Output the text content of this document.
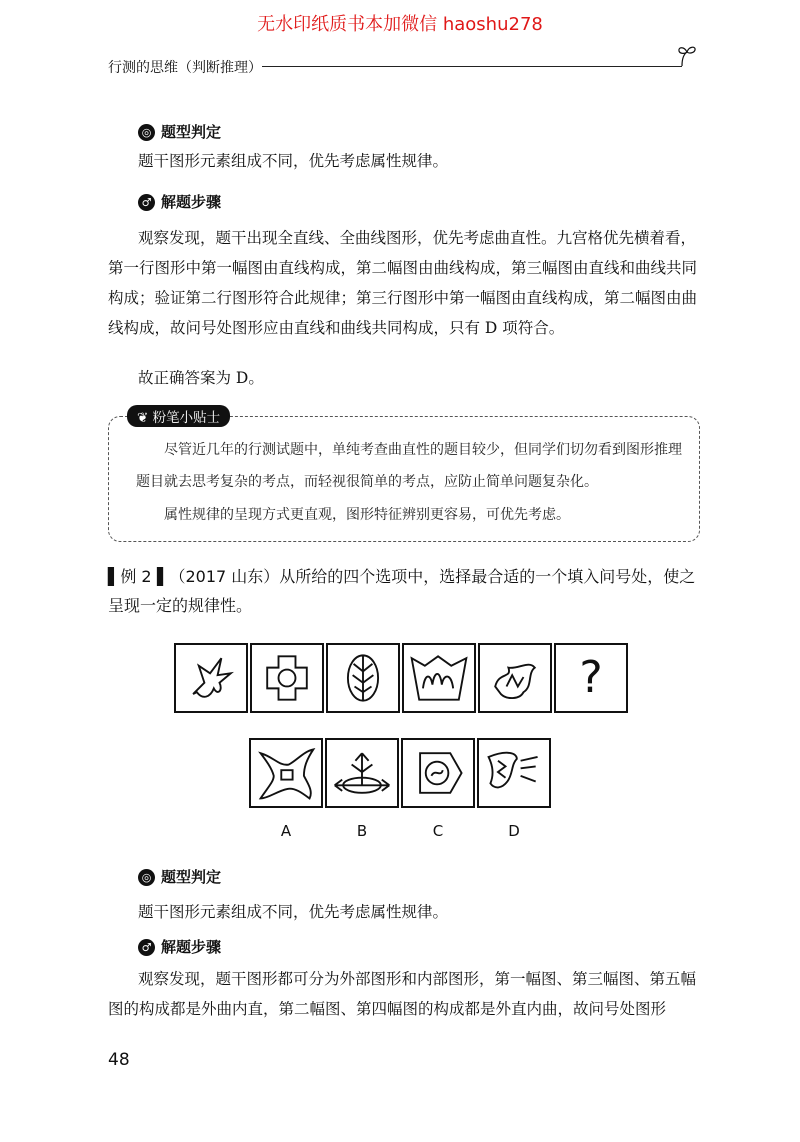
无水印纸质书本加微信 haoshu278
行测的思维（判断推理）
◎ 题型判定
题干图形元素组成不同，优先考虑属性规律。
♂ 解题步骤
观察发现，题干出现全直线、全曲线图形，优先考虑曲直性。九宫格优先横着看，第一行图形中第一幅图由直线构成，第二幅图由曲线构成，第三幅图由直线和曲线共同构成；验证第二行图形符合此规律；第三行图形中第一幅图由直线构成，第二幅图由曲线构成，故问号处图形应由直线和曲线共同构成，只有 D 项符合。
故正确答案为 D。
❦ 粉笔小贴士
尽管近几年的行测试题中，单纯考查曲直性的题目较少，但同学们切勿看到图形推理题目就去思考复杂的考点，而轻视很简单的考点，应防止简单问题复杂化。
属性规律的呈现方式更直观，图形特征辨别更容易，可优先考虑。
▌例 2 ▌（2017 山东）从所给的四个选项中，选择最合适的一个填入问号处，使之呈现一定的规律性。
?
A	B	C	D
◎ 题型判定
题干图形元素组成不同，优先考虑属性规律。
♂ 解题步骤
观察发现，题干图形都可分为外部图形和内部图形，第一幅图、第三幅图、第五幅图的构成都是外曲内直，第二幅图、第四幅图的构成都是外直内曲，故问号处图形
48
